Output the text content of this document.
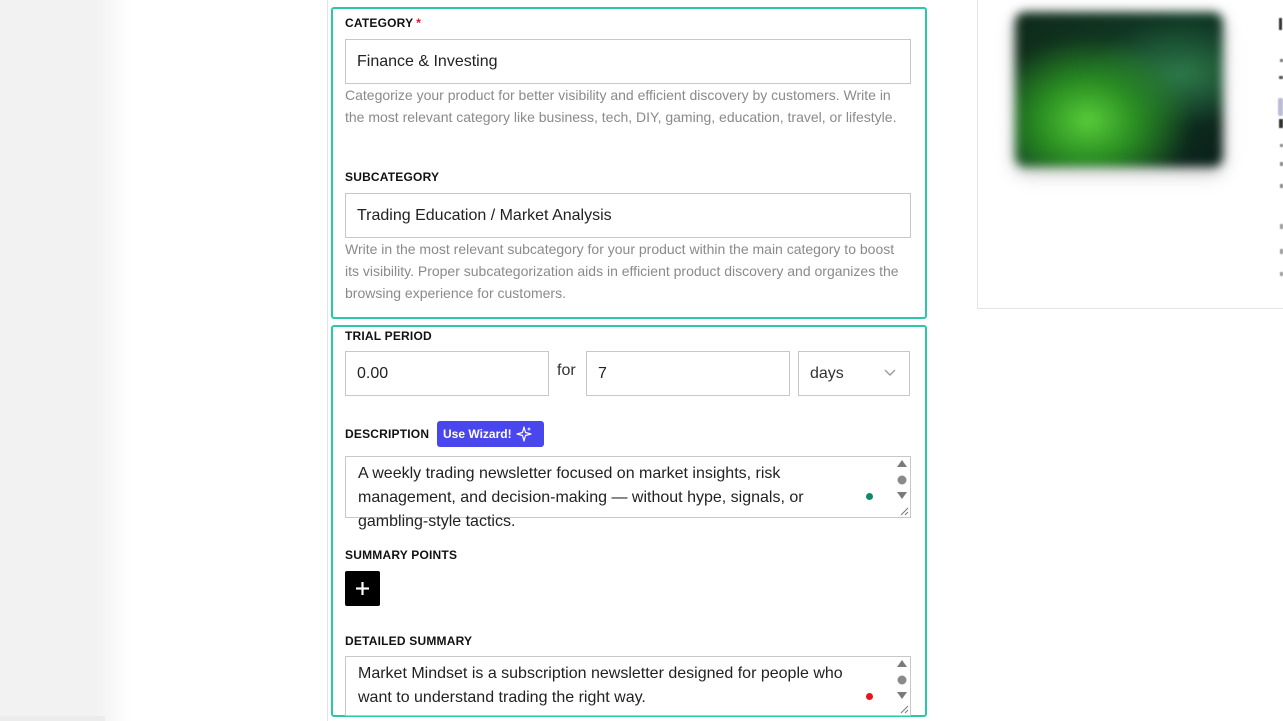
CATEGORY *
Finance & Investing
Categorize your product for better visibility and efficient discovery by customers. Write in the most relevant category like business, tech, DIY, gaming, education, travel, or lifestyle.
SUBCATEGORY
Trading Education / Market Analysis
Write in the most relevant subcategory for your product within the main category to boost its visibility. Proper subcategorization aids in efficient product discovery and organizes the browsing experience for customers.
TRIAL PERIOD
0.00	for 7	days
DESCRIPTION Use Wizard!
A weekly trading newsletter focused on market insights, risk management, and decision-making — without hype, signals, or gambling-style tactics.
SUMMARY POINTS
DETAILED SUMMARY
Market Mindset is a subscription newsletter designed for people who want to understand trading the right way.
